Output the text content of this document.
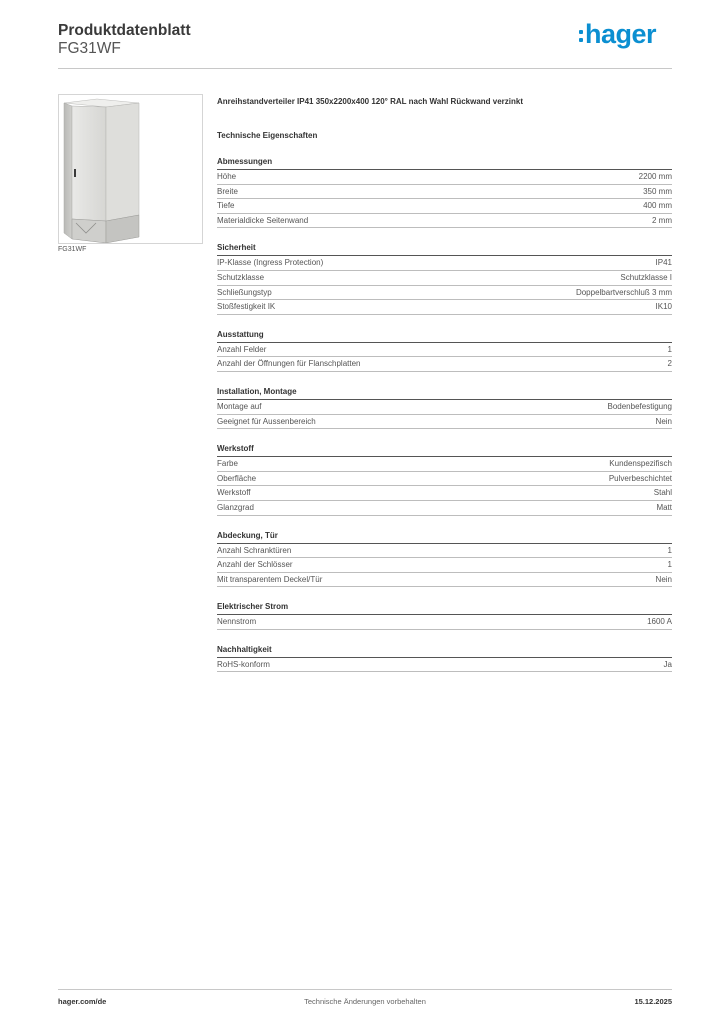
Produktdatenblatt
FG31WF	hager
FG31WF
Anreihstandverteiler IP41 350x2200x400 120° RAL nach Wahl Rückwand verzinkt
Technische Eigenschaften
Abmessungen
Höhe	2200 mm
Breite	350 mm
Tiefe	400 mm
Materialdicke Seitenwand	2 mm
Sicherheit
IP-Klasse (Ingress Protection)	IP41
Schutzklasse	Schutzklasse I
Schließungstyp	Doppelbartverschluß 3 mm
Stoßfestigkeit IK	IK10
Ausstattung
Anzahl Felder	1
Anzahl der Öffnungen für Flanschplatten	2
Installation, Montage
Montage auf	Bodenbefestigung
Geeignet für Aussenbereich	Nein
Werkstoff
Farbe	Kundenspezifisch
Oberfläche	Pulverbeschichtet
Werkstoff	Stahl
Glanzgrad	Matt
Abdeckung, Tür
Anzahl Schranktüren	1
Anzahl der Schlösser	1
Mit transparentem Deckel/Tür	Nein
Elektrischer Strom
Nennstrom	1600 A
Nachhaltigkeit
RoHS-konform	Ja
hager.com/de	Technische Änderungen vorbehalten	15.12.2025
